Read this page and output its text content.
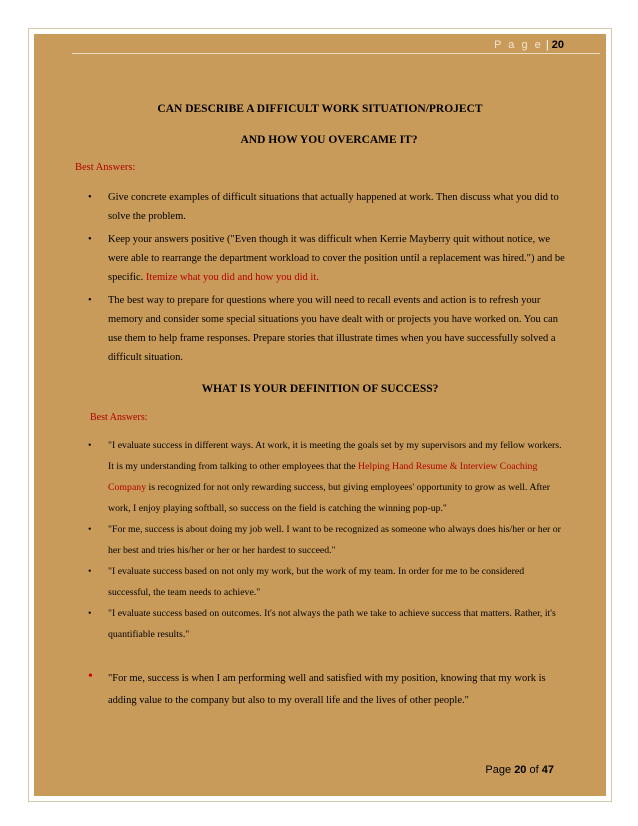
P a g e | 20
CAN DESCRIBE A DIFFICULT WORK SITUATION/PROJECT
AND HOW YOU OVERCAME IT?
Best Answers:
• Give concrete examples of difficult situations that actually happened at work. Then discuss what you did to solve the problem.
• Keep your answers positive ("Even though it was difficult when Kerrie Mayberry quit without notice, we were able to rearrange the department workload to cover the position until a replacement was hired.") and be specific. Itemize what you did and how you did it.
• The best way to prepare for questions where you will need to recall events and action is to refresh your memory and consider some special situations you have dealt with or projects you have worked on. You can use them to help frame responses. Prepare stories that illustrate times when you have successfully solved a difficult situation.
WHAT IS YOUR DEFINITION OF SUCCESS?
Best Answers:
• "I evaluate success in different ways. At work, it is meeting the goals set by my supervisors and my fellow workers. It is my understanding from talking to other employees that the Helping Hand Resume & Interview Coaching Company is recognized for not only rewarding success, but giving employees' opportunity to grow as well. After work, I enjoy playing softball, so success on the field is catching the winning pop-up."
• "For me, success is about doing my job well. I want to be recognized as someone who always does his/her or her or her best and tries his/her or her or her hardest to succeed."
• "I evaluate success based on not only my work, but the work of my team. In order for me to be considered successful, the team needs to achieve."
• "I evaluate success based on outcomes. It's not always the path we take to achieve success that matters. Rather, it's quantifiable results."
• "For me, success is when I am performing well and satisfied with my position, knowing that my work is adding value to the company but also to my overall life and the lives of other people."
Page 20 of 47
